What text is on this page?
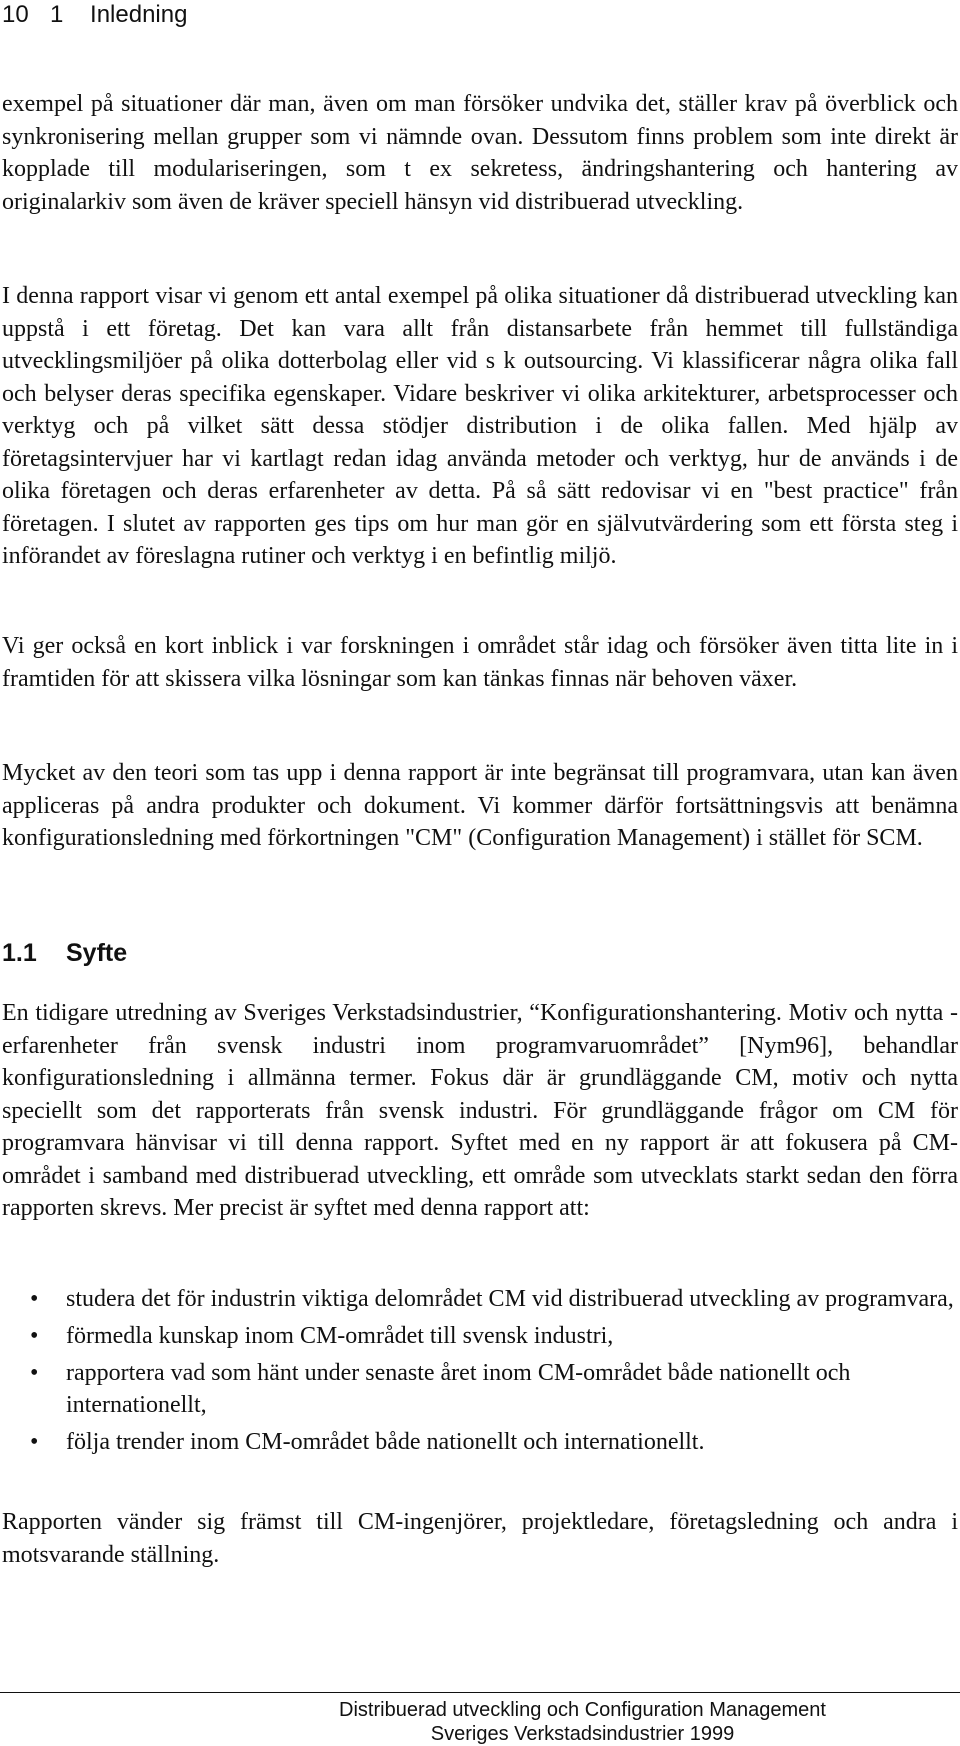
10 1 Inledning

exempel på situationer där man, även om man försöker undvika det, ställer krav på överblick och synkronisering mellan grupper som vi nämnde ovan. Dessutom finns problem som inte direkt är kopplade till modulariseringen, som t ex sekretess, ändringshantering och hantering av originalarkiv som även de kräver speciell hänsyn vid distribuerad utveckling.

I denna rapport visar vi genom ett antal exempel på olika situationer då distribuerad utveckling kan uppstå i ett företag. Det kan vara allt från distansarbete från hemmet till fullständiga utvecklingsmiljöer på olika dotterbolag eller vid s k outsourcing. Vi klassificerar några olika fall och belyser deras specifika egenskaper. Vidare beskriver vi olika arkitekturer, arbetsprocesser och verktyg och på vilket sätt dessa stödjer distribution i de olika fallen. Med hjälp av företagsintervjuer har vi kartlagt redan idag använda metoder och verktyg, hur de används i de olika företagen och deras erfarenheter av detta. På så sätt redovisar vi en "best practice" från företagen. I slutet av rapporten ges tips om hur man gör en självutvärdering som ett första steg i införandet av föreslagna rutiner och verktyg i en befintlig miljö.

Vi ger också en kort inblick i var forskningen i området står idag och försöker även titta lite in i framtiden för att skissera vilka lösningar som kan tänkas finnas när behoven växer.

Mycket av den teori som tas upp i denna rapport är inte begränsat till programvara, utan kan även appliceras på andra produkter och dokument. Vi kommer därför fortsättningsvis att benämna konfigurationsledning med förkortningen "CM" (Configuration Management) i stället för SCM.

1.1 Syfte

En tidigare utredning av Sveriges Verkstadsindustrier, “Konfigurationshantering. Motiv och nytta - erfarenheter från svensk industri inom programvaruområdet” [Nym96], behandlar konfigurationsledning i allmänna termer. Fokus där är grundläggande CM, motiv och nytta speciellt som det rapporterats från svensk industri. För grundläggande frågor om CM för programvara hänvisar vi till denna rapport. Syftet med en ny rapport är att fokusera på CM-området i samband med distribuerad utveckling, ett område som utvecklats starkt sedan den förra rapporten skrevs. Mer precist är syftet med denna rapport att:

• studera det för industrin viktiga delområdet CM vid distribuerad utveckling av programvara,
• förmedla kunskap inom CM-området till svensk industri,
• rapportera vad som hänt under senaste året inom CM-området både nationellt och internationellt,
• följa trender inom CM-området både nationellt och internationellt.

Rapporten vänder sig främst till CM-ingenjörer, projektledare, företagsledning och andra i motsvarande ställning.

Distribuerad utveckling och Configuration Management
Sveriges Verkstadsindustrier 1999
